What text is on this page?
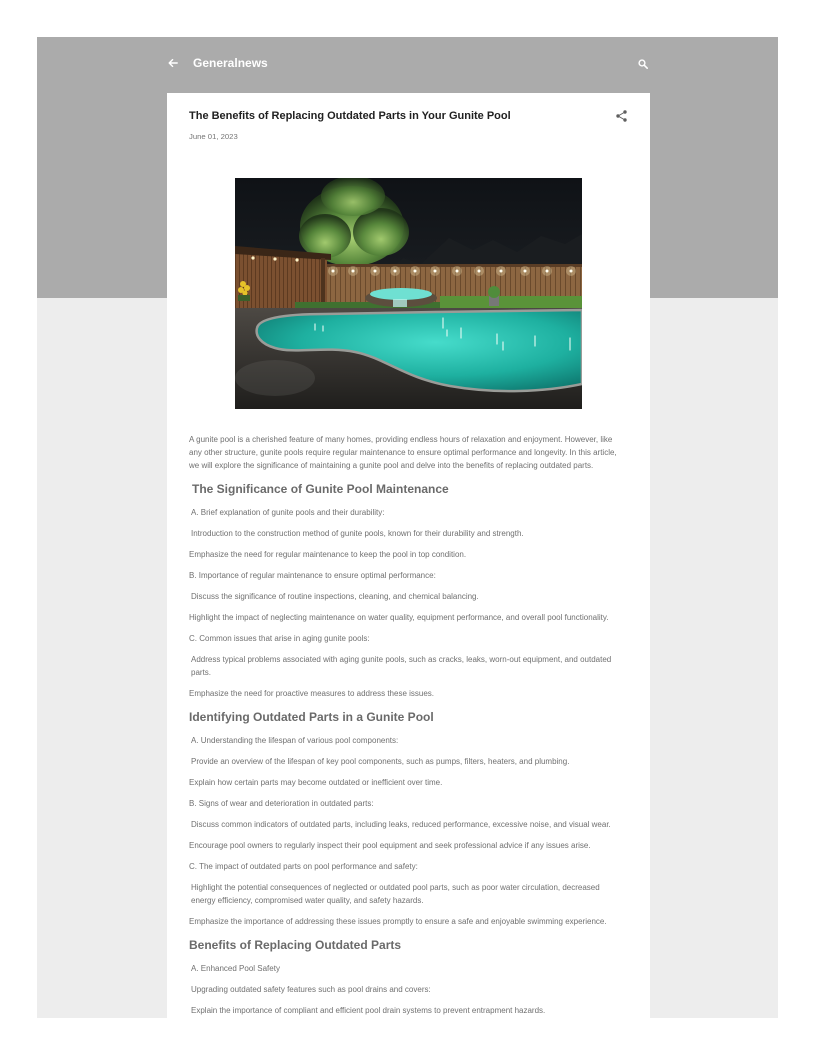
Generalnews
The Benefits of Replacing Outdated Parts in Your Gunite Pool
June 01, 2023

A gunite pool is a cherished feature of many homes, providing endless hours of relaxation and enjoyment. However, like any other structure, gunite pools require regular maintenance to ensure optimal performance and longevity. In this article, we will explore the significance of maintaining a gunite pool and delve into the benefits of replacing outdated parts.

The Significance of Gunite Pool Maintenance

A. Brief explanation of gunite pools and their durability:

Introduction to the construction method of gunite pools, known for their durability and strength.

Emphasize the need for regular maintenance to keep the pool in top condition.

B. Importance of regular maintenance to ensure optimal performance:

Discuss the significance of routine inspections, cleaning, and chemical balancing.

Highlight the impact of neglecting maintenance on water quality, equipment performance, and overall pool functionality.

C. Common issues that arise in aging gunite pools:

Address typical problems associated with aging gunite pools, such as cracks, leaks, worn-out equipment, and outdated parts.

Emphasize the need for proactive measures to address these issues.

Identifying Outdated Parts in a Gunite Pool

A. Understanding the lifespan of various pool components:

Provide an overview of the lifespan of key pool components, such as pumps, filters, heaters, and plumbing.

Explain how certain parts may become outdated or inefficient over time.

B. Signs of wear and deterioration in outdated parts:

Discuss common indicators of outdated parts, including leaks, reduced performance, excessive noise, and visual wear.

Encourage pool owners to regularly inspect their pool equipment and seek professional advice if any issues arise.

C. The impact of outdated parts on pool performance and safety:

Highlight the potential consequences of neglected or outdated pool parts, such as poor water circulation, decreased energy efficiency, compromised water quality, and safety hazards.

Emphasize the importance of addressing these issues promptly to ensure a safe and enjoyable swimming experience.

Benefits of Replacing Outdated Parts

A. Enhanced Pool Safety

Upgrading outdated safety features such as pool drains and covers:

Explain the importance of compliant and efficient pool drain systems to prevent entrapment hazards.
